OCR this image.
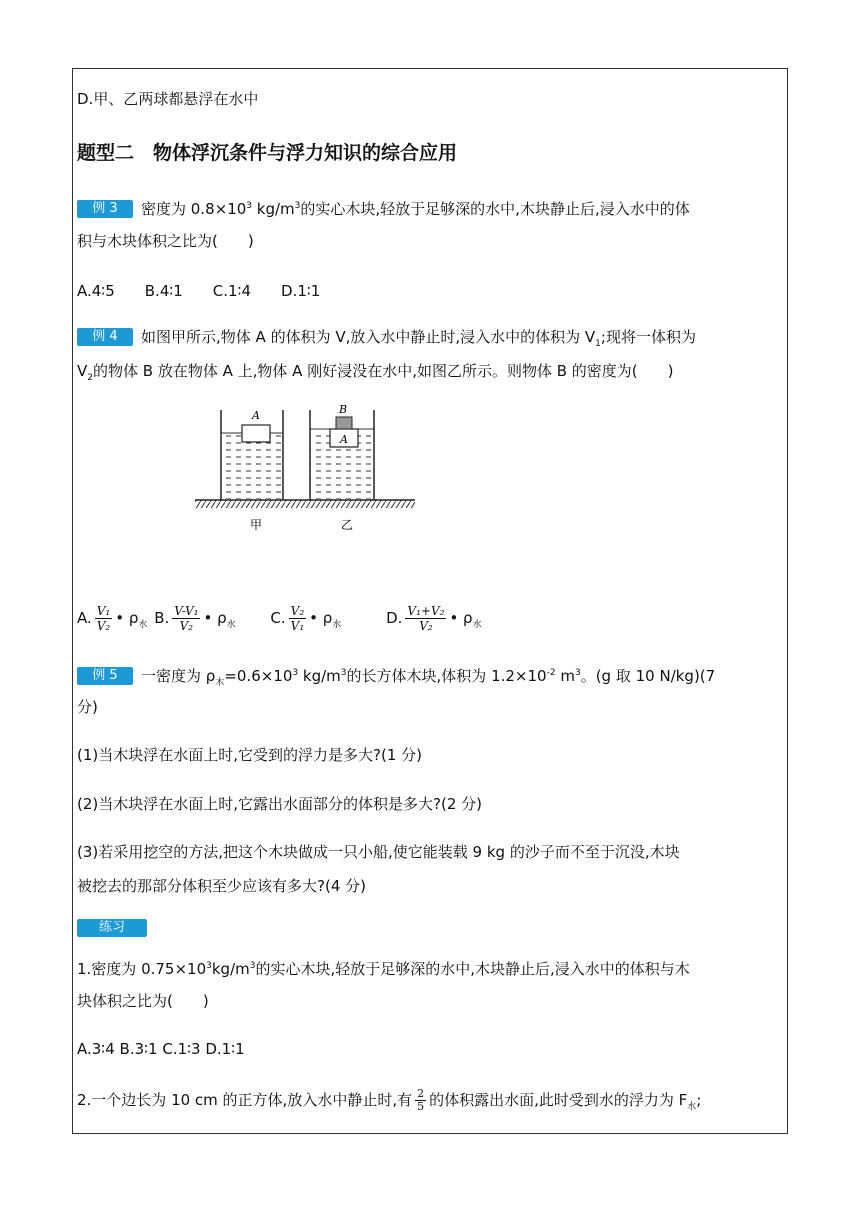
D.甲、乙两球都悬浮在水中
题型二　物体浮沉条件与浮力知识的综合应用
例 3 密度为 $0.8\times 10^3$ $kg/m^3$的实心木块,轻放于足够深的水中,木块静止后,浸入水中的体
积与木块体积之比为(　　)
A.4∶5　　B.4∶1　　C.1∶4　　D.1∶1
例 4 如图甲所示,物体 A 的体积为 V,放入水中静止时,浸入水中的体积为 $V_1$;现将一体积为
$V_2$的物体 B 放在物体 A 上,物体 A 刚好浸没在水中,如图乙所示。则物体 B 的密度为(　　)
A
A
B
甲	乙
A. $\frac{\text{V₁}}{\text{V₂}}$ • $\rho_水$ B. $\frac{\text{V-V₁}}{\text{V₂}}$ • $\rho_水$ C. $\frac{\text{V₂}}{\text{V₁}}$ • $\rho_水$	D. $\frac{\text{V₁+V₂}}{\text{V₂}}$ • $\rho_水$
例 5 一密度为 $\rho_木=0.6\times 10^3$ $kg/m^3$的长方体木块,体积为 $1.2\times 10^{-2}$ $m^3$。(g 取 10 N/kg)(7
分)
(1)当木块浮在水面上时,它受到的浮力是多大?(1 分)
(2)当木块浮在水面上时,它露出水面部分的体积是多大?(2 分)
(3)若采用挖空的方法,把这个木块做成一只小船,使它能装载 9 kg 的沙子而不至于沉没,木块
被挖去的那部分体积至少应该有多大?(4 分)
练习
1.密度为 $0.75\times 10^3kg/m^3$的实心木块,轻放于足够深的水中,木块静止后,浸入水中的体积与木
块体积之比为(　　)
A.3∶4 B.3∶1 C.1∶3 D.1∶1
2.一个边长为 10 cm 的正方体,放入水中静止时,有 $\frac{2}{5}$ 的体积露出水面,此时受到水的浮力为 $F_水$;
